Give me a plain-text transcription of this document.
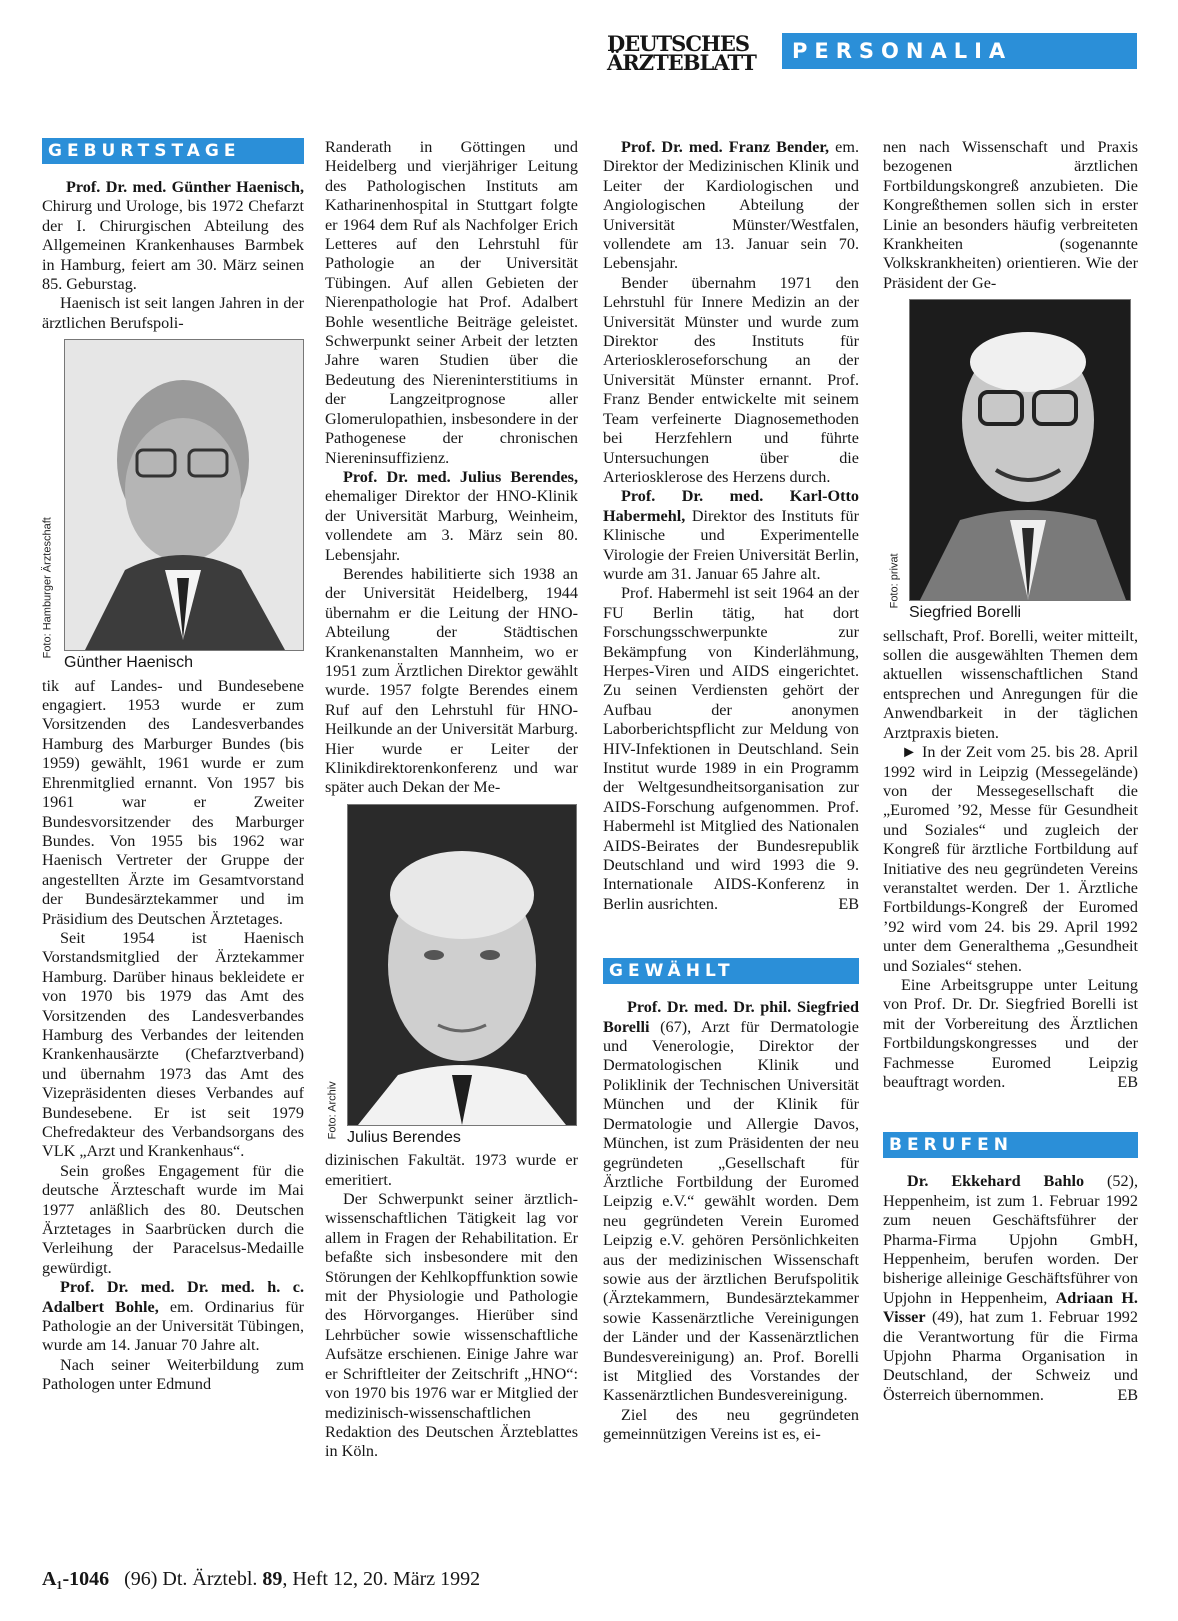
DEUTSCHES
ÄRZTEBLATT	PERSONALIA
GEBURTSTAGE

Prof. Dr. med. Günther Haenisch, Chirurg und Urologe, bis 1972 Chefarzt der I. Chirurgischen Abteilung des Allgemeinen Krankenhauses Barmbek in Hamburg, feiert am 30. März seinen 85. Geburstag.

Haenisch ist seit langen Jahren in der ärztlichen Berufspoli-

Foto: Hamburger Ärzteschaft
Günther Haenisch

tik auf Landes- und Bundesebene engagiert. 1953 wurde er zum Vorsitzenden des Landesverbandes Hamburg des Marburger Bundes (bis 1959) gewählt, 1961 wurde er zum Ehrenmitglied ernannt. Von 1957 bis 1961 war er Zweiter Bundesvorsitzender des Marburger Bundes. Von 1955 bis 1962 war Haenisch Vertreter der Gruppe der angestellten Ärzte im Gesamtvorstand der Bundesärztekammer und im Präsidium des Deutschen Ärztetages.

Seit 1954 ist Haenisch Vorstandsmitglied der Ärztekammer Hamburg. Darüber hinaus bekleidete er von 1970 bis 1979 das Amt des Vorsitzenden des Landesverbandes Hamburg des Verbandes der leitenden Krankenhausärzte (Chefarztverband) und übernahm 1973 das Amt des Vizepräsidenten dieses Verbandes auf Bundesebene. Er ist seit 1979 Chefredakteur des Verbandsorgans des VLK „Arzt und Krankenhaus“.

Sein großes Engagement für die deutsche Ärzteschaft wurde im Mai 1977 anläßlich des 80. Deutschen Ärztetages in Saarbrücken durch die Verleihung der Paracelsus-Medaille gewürdigt.

Prof. Dr. med. Dr. med. h. c. Adalbert Bohle, em. Ordinarius für Pathologie an der Universität Tübingen, wurde am 14. Januar 70 Jahre alt.

Nach seiner Weiterbildung zum Pathologen unter Edmund

Randerath in Göttingen und Heidelberg und vierjähriger Leitung des Pathologischen Instituts am Katharinenhospital in Stuttgart folgte er 1964 dem Ruf als Nachfolger Erich Letteres auf den Lehrstuhl für Pathologie an der Universität Tübingen. Auf allen Gebieten der Nierenpathologie hat Prof. Adalbert Bohle wesentliche Beiträge geleistet. Schwerpunkt seiner Arbeit der letzten Jahre waren Studien über die Bedeutung des Niereninterstitiums in der Langzeitprognose aller Glomerulopathien, insbesondere in der Pathogenese der chronischen Niereninsuffizienz.

Prof. Dr. med. Julius Berendes, ehemaliger Direktor der HNO-Klinik der Universität Marburg, Weinheim, vollendete am 3. März sein 80. Lebensjahr.

Berendes habilitierte sich 1938 an der Universität Heidelberg, 1944 übernahm er die Leitung der HNO-Abteilung der Städtischen Krankenanstalten Mannheim, wo er 1951 zum Ärztlichen Direktor gewählt wurde. 1957 folgte Berendes einem Ruf auf den Lehrstuhl für HNO-Heilkunde an der Universität Marburg. Hier wurde er Leiter der Klinikdirektorenkonferenz und war später auch Dekan der Me-

Foto: Archiv Julius Berendes

dizinischen Fakultät. 1973 wurde er emeritiert.

Der Schwerpunkt seiner ärztlich-wissenschaftlichen Tätigkeit lag vor allem in Fragen der Rehabilitation. Er befaßte sich insbesondere mit den Störungen der Kehlkopffunktion sowie mit der Physiologie und Pathologie des Hörvorganges. Hierüber sind Lehrbücher sowie wissenschaftliche Aufsätze erschienen. Einige Jahre war er Schriftleiter der Zeitschrift „HNO“: von 1970 bis 1976 war er Mitglied der medizinisch-wissenschaftlichen Redaktion des Deutschen Ärzteblattes in Köln.

Prof. Dr. med. Franz Bender, em. Direktor der Medizinischen Klinik und Leiter der Kardiologischen und Angiologischen Abteilung der Universität Münster/Westfalen, vollendete am 13. Januar sein 70. Lebensjahr.

Bender übernahm 1971 den Lehrstuhl für Innere Medizin an der Universität Münster und wurde zum Direktor des Instituts für Arterioskleroseforschung an der Universität Münster ernannt. Prof. Franz Bender entwickelte mit seinem Team verfeinerte Diagnosemethoden bei Herzfehlern und führte Untersuchungen über die Arteriosklerose des Herzens durch.

Prof. Dr. med. Karl-Otto Habermehl, Direktor des Instituts für Klinische und Experimentelle Virologie der Freien Universität Berlin, wurde am 31. Januar 65 Jahre alt.

Prof. Habermehl ist seit 1964 an der FU Berlin tätig, hat dort Forschungsschwerpunkte zur Bekämpfung von Kinderlähmung, Herpes-Viren und AIDS eingerichtet. Zu seinen Verdiensten gehört der Aufbau der anonymen Laborberichtspflicht zur Meldung von HIV-Infektionen in Deutschland. Sein Institut wurde 1989 in ein Programm der Weltgesundheitsorganisation zur AIDS-Forschung aufgenommen. Prof. Habermehl ist Mitglied des Nationalen AIDS-Beirates der Bundesrepublik Deutschland und wird 1993 die 9. Internationale AIDS-Konferenz in Berlin ausrichten.	EB

GEWÄHLT

Prof. Dr. med. Dr. phil. Siegfried Borelli (67), Arzt für Dermatologie und Venerologie, Direktor der Dermatologischen Klinik und Poliklinik der Technischen Universität München und der Klinik für Dermatologie und Allergie Davos, München, ist zum Präsidenten der neu gegründeten „Gesellschaft für Ärztliche Fortbildung der Euromed Leipzig e.V.“ gewählt worden. Dem neu gegründeten Verein Euromed Leipzig e.V. gehören Persönlichkeiten aus der medizinischen Wissenschaft sowie aus der ärztlichen Berufspolitik (Ärztekammern, Bundesärztekammer sowie Kassenärztliche Vereinigungen der Länder und der Kassenärztlichen Bundesvereinigung) an. Prof. Borelli ist Mitglied des Vorstandes der Kassenärztlichen Bundesvereinigung.

Ziel des neu gegründeten gemeinnützigen Vereins ist es, ei-

nen nach Wissenschaft und Praxis bezogenen ärztlichen Fortbildungskongreß anzubieten. Die Kongreßthemen sollen sich in erster Linie an besonders häufig verbreiteten Krankheiten (sogenannte Volkskrankheiten) orientieren. Wie der Präsident der Ge-

Foto: privat
Siegfried Borelli

sellschaft, Prof. Borelli, weiter mitteilt, sollen die ausgewählten Themen dem aktuellen wissenschaftlichen Stand entsprechen und Anregungen für die Anwendbarkeit in der täglichen Arztpraxis bieten.

► In der Zeit vom 25. bis 28. April 1992 wird in Leipzig (Messegelände) von der Messegesellschaft die „Euromed ’92, Messe für Gesundheit und Soziales“ und zugleich der Kongreß für ärztliche Fortbildung auf Initiative des neu gegründeten Vereins veranstaltet werden. Der 1. Ärztliche Fortbildungs-Kongreß der Euromed ’92 wird vom 24. bis 29. April 1992 unter dem Generalthema „Gesundheit und Soziales“ stehen.

Eine Arbeitsgruppe unter Leitung von Prof. Dr. Dr. Siegfried Borelli ist mit der Vorbereitung des Ärztlichen Fortbildungskongresses und der Fachmesse Euromed Leipzig beauftragt worden.	EB

BERUFEN

Dr. Ekkehard Bahlo (52), Heppenheim, ist zum 1. Februar 1992 zum neuen Geschäftsführer der Pharma-Firma Upjohn GmbH, Heppenheim, berufen worden. Der bisherige alleinige Geschäftsführer von Upjohn in Heppenheim, Adriaan H. Visser (49), hat zum 1. Februar 1992 die Verantwortung für die Firma Upjohn Pharma Organisation in Deutschland, der Schweiz und Österreich übernommen.	EB

A₁-1046 (96) Dt. Ärztebl. 89, Heft 12, 20. März 1992
